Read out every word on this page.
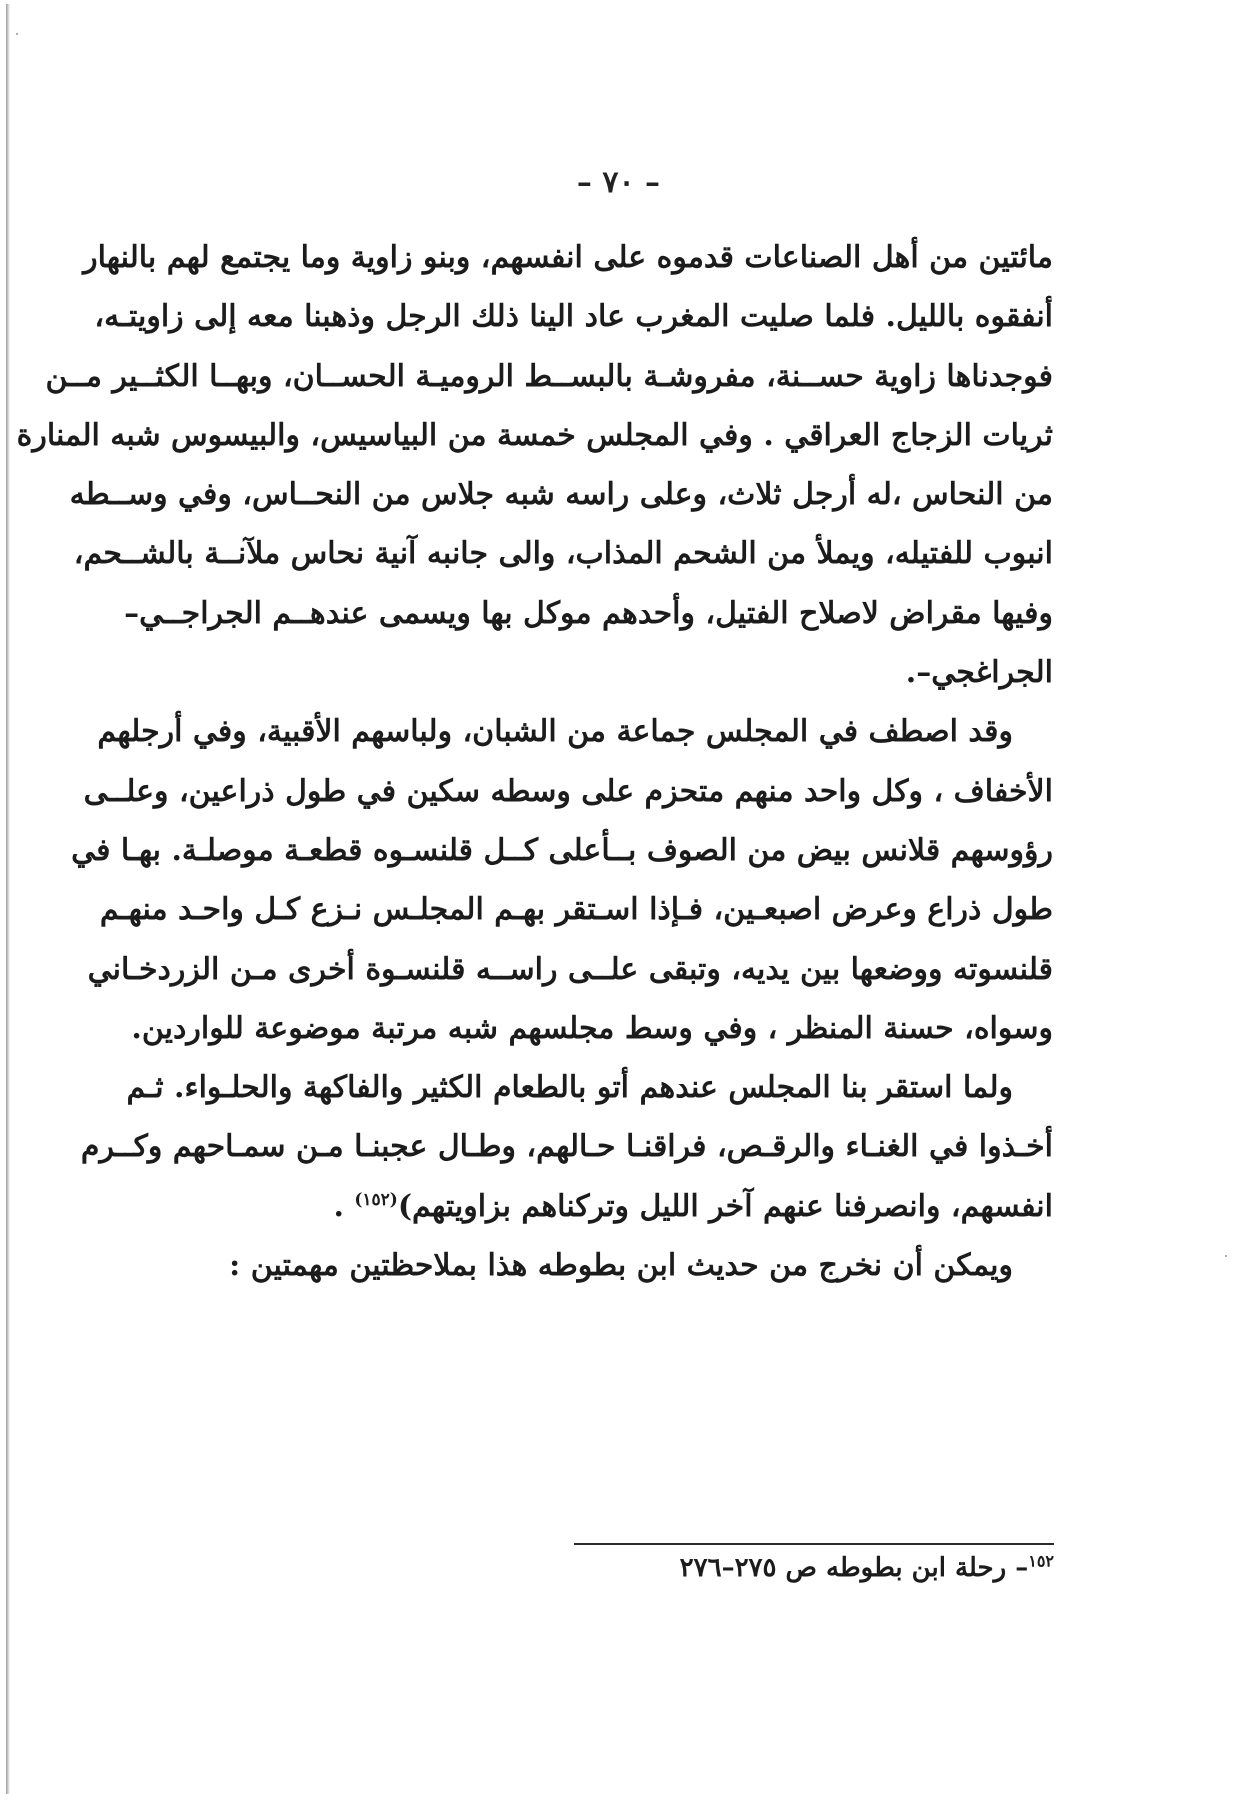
– ٧٠ –
مائتين من أهل الصناعات قدموه على انفسهم، وبنو زاوية وما يجتمع لهم بالنهار
أنفقوه بالليل. فلما صليت المغرب عاد الينا ذلك الرجل وذهبنا معه إلى زاويتـه،
فوجدناها زاوية حســنة، مفروشـة بالبســط الروميـة الحســان، وبهــا الكثــير مــن
ثريات الزجاج العراقي . وفي المجلس خمسة من البياسيس، والبيسوس شبه المنارة
من النحاس ،له أرجل ثلاث، وعلى راسه شبه جلاس من النحــاس، وفي وســطه
انبوب للفتيله، ويملأ من الشحم المذاب، والى جانبه آنية نحاس ملآنــة بالشــحم،
وفيها مقراض لاصلاح الفتيل، وأحدهم موكل بها ويسمى عندهــم الجراجــي–
الجراغجي–.
وقد اصطف في المجلس جماعة من الشبان، ولباسهم الأقبية، وفي أرجلهم
الأخفاف ، وكل واحد منهم متحزم على وسطه سكين في طول ذراعين، وعلــى
رؤوسهم قلانس بيض من الصوف بــأعلى كــل قلنسـوه قطعـة موصلـة. بهـا في
طول ذراع وعرض اصبعـين، فـإذا اسـتقر بهـم المجلـس نـزع كـل واحـد منهـم
قلنسوته ووضعها بين يديه، وتبقى علــى راســه قلنسـوة أخرى مـن الزردخـاني
وسواه، حسنة المنظر ، وفي وسط مجلسهم شبه مرتبة موضوعة للواردين.
ولما استقر بنا المجلس عندهم أتو بالطعام الكثير والفاكهة والحلـواء. ثـم
أخـذوا في الغنـاء والرقـص، فراقنـا حـالهم، وطـال عجبنـا مـن سمـاحهم وكــرم
انفسهم، وانصرفنا عنهم آخر الليل وتركناهم بزاويتهم)$^{(١٥٢)}$ .
ويمكن أن نخرج من حديث ابن بطوطه هذا بملاحظتين مهمتين :
$^{١٥٢}$– رحلة ابن بطوطه ص ٢٧٥–٢٧٦
